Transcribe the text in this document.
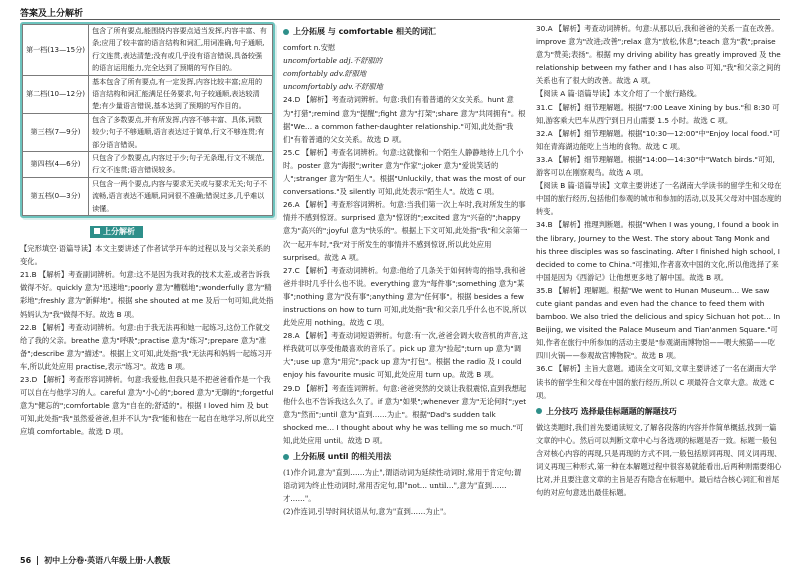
答案及上分解析
第一档(13—15分)	包含了所有要点,能围绕内容要点适当发挥,内容丰富、有条;应用了较丰富的语言结构和词汇,用词准确,句子通顺,行文连贯,表达清楚;没有或几乎没有语言错误,具备较强的语言运用能力,完全达到了预期的写作目的。
第二档(10—12分)	基本包含了所有要点,有一定发挥,内容比较丰富;应用的语言结构和词汇能满足任务要求,句子较通顺,表达较清楚;有少量语言错误,基本达到了预期的写作目的。
第三档(7—9分)	包含了多数要点,并有所发挥,内容不够丰富、具体,词数较少;句子不够通顺,语言表达过于简单,行文不够连贯;有部分语言错误。
第四档(4—6分)	只包含了少数要点,内容过于少;句子无条理,行文不规范,行文不连贯;语言错误较多。
第五档(0—3分)	只包含一两个要点,内容与要求无关或与要求无关;句子不流畅,语言表达不通顺,同词很不准确;错误过多,几乎难以读懂。
上分解析

【完形填空·语篇导读】本文主要讲述了作者试学开车的过程以及与父亲关系的变化。

21.B 【解析】考查副词辨析。句意:这不是因为我对我的技术太差,或者告诉我做得不好。quickly 意为"迅速地";poorly 意为"糟糕地";wonderfully 意为"精彩地";freshly 意为"新鲜地"。根据 she shouted at me 及后一句可知,此处指妈妈认为"我"做得不好。故选 B 项。

22.B 【解析】考查动词辨析。句意:由于我无法再和她一起练习,这份工作就交给了我的父亲。breathe 意为"呼吸";practise 意为"练习";prepare 意为"准备";describe 意为"描述"。根据上文可知,此处指"我"无法再和妈妈一起练习开车,所以此处应用 practise,表示"练习"。故选 B 项。

23.D 【解析】考查形容词辨析。句意:我爱他,但我只是不把爸爸看作是一个我可以自在与他学习的人。careful 意为"小心的";bored 意为"无聊的";forgetful 意为"健忘的";comfortable 意为"自在的;舒适的"。根据 I loved him 及 but 可知,此处指"我"虽然爱爸爸,但并不认为"我"能和他在一起自在地学习,所以此空应填 comfortable。故选 D 项。

上分拓展 与 comfortable 相关的词汇

comfort n.安慰

uncomfortable adj.不舒服的

comfortably adv.舒服地

uncomfortably adv.不舒服地

24.D 【解析】考查动词辨析。句意:我们有着普通的父女关系。hunt 意为"打猎";remind 意为"提醒";fight 意为"打架";share 意为"共同拥有"。根据"We… a common father-daughter relationship."可知,此处指"我们"有着普通的父女关系。故选 D 项。

25.C 【解析】考查名词辨析。句意:这就像和一个陌生人静静地待上几个小时。poster 意为"海报";writer 意为"作家";joker 意为"爱说笑话的人";stranger 意为"陌生人"。根据"Unluckily, that was the most of our conversations."及 silently 可知,此处表示"陌生人"。故选 C 项。

26.A 【解析】考查形容词辨析。句意:当我们第一次上车时,我对所发生的事情并不感到惊讶。surprised 意为"惊讶的";excited 意为"兴奋的";happy 意为"高兴的";joyful 意为"快乐的"。根据上下文可知,此处指"我"和父亲第一次一起开车时,"我"对于所发生的事情并不感到惊讶,所以此处应用 surprised。故选 A 项。

27.C 【解析】考查动词辨析。句意:他给了几条关于如何转弯的指导,我和爸爸并非时几乎什么也不说。everything 意为"每件事";something 意为"某事";nothing 意为"没有事";anything 意为"任何事"。根据 besides a few instructions on how to turn 可知,此处指"我"和父亲几乎什么也不说,所以此处应用 nothing。故选 C 项。

28.A 【解析】考查动词短语辨析。句意:有一次,爸爸会调大收音机的声音,这样我就可以享受他最喜欢的音乐了。pick up 意为"捡起";turn up 意为"调大";use up 意为"用完";pack up 意为"打包"。根据 the radio 及 I could enjoy his favourite music 可知,此处应用 turn up。故选 B 项。

29.D 【解析】考查连词辨析。句意:爸爸突然的交谈让我很震惊,直到我想起他什么也不告诉我这么久了。if 意为"如果";whenever 意为"无论何时";yet 意为"然而";until 意为"直到……为止"。根据"Dad's sudden talk shocked me… I thought about why he was telling me so much."可知,此处应用 until。故选 D 项。

上分拓展 until 的相关用法

(1)作介词,意为"直到……为止",谓语动词为延续性动词时,常用于肯定句;谓语动词为终止性动词时,常用否定句,即"not… until…",意为"直到……才……"。

(2)作连词,引导时间状语从句,意为"直到……为止"。

30.A 【解析】考查动词辨析。句意:从那以后,我和爸爸的关系一直在改善。improve 意为"改进;改善";relax 意为"放松,休息";teach 意为"教";praise 意为"赞美;表扬"。根据 my driving ability has greatly improved 及 the relationship between my father and I has also 可知,"我"和父亲之间的关系也有了很大的改善。故选 A 项。

【阅读 A 篇·语篇导读】本文介绍了一个旅行路线。

31.C 【解析】细节理解题。根据"7:00 Leave Xining by bus."和 8:30 可知,游客乘大巴车从西宁到日月山需要 1.5 小时。故选 C 项。

32.A 【解析】细节理解题。根据"10:30—12:00"中"Enjoy local food."可知在青海湖边能吃上当地的食物。故选 C 项。

33.A 【解析】细节理解题。根据"14:00—14:30"中"Watch birds."可知,游客可以在刚察观鸟。故选 A 项。

【阅读 B 篇·语篇导读】文章主要讲述了一名湖南大学读书的留学生和父母在中国的旅行经历,包括他们参观的城市和参加的活动,以及其父母对中国态度的转变。

34.B 【解析】推理判断题。根据"When I was young, I found a book in the library, Journey to the West. The story about Tang Monk and his three disciples was so fascinating. After I finished high school, I decided to come to China."可推知,作者喜欢中国的文化,所以他选择了来中国是因为《西游记》让他想更多地了解中国。故选 B 项。

35.B 【解析】理解题。根据"We went to Hunan Museum… We saw cute giant pandas and even had the chance to feed them with bamboo. We also tried the delicious and spicy Sichuan hot pot… In Beijing, we visited the Palace Museum and Tian'anmen Square."可知,作者在旅行中所参加的活动主要是"参观湖南博物馆——喂大熊猫——吃四川火锅——参观故宫博物院"。故选 B 项。

36.C 【解析】主旨大意题。通读全文可知,文章主要讲述了一名在湖南大学读书的留学生和父母在中国的旅行经历,所以 C 项最符合文章大意。故选 C 项。

上分技巧 选择最佳标题题的解题技巧

做这类题时,我们首先要通读短文,了解各段落的内容并作简单概括,找到一篇文章的中心。然后可以判断文章中心与各选项的标题是否一致。标题一般包含对核心内容的再现,只是再现的方式不同,一般包括原词再现、同义词再现、词义再现三种形式,第一种在本解题过程中很容易就能看出,后两种则需要细心比对,并且要注意文章的主旨是否有隐含在标题中。最后结合核心词汇和首尾句的对应句意选出最佳标题。

56 初中上分卷·英语八年级上册·人教版
